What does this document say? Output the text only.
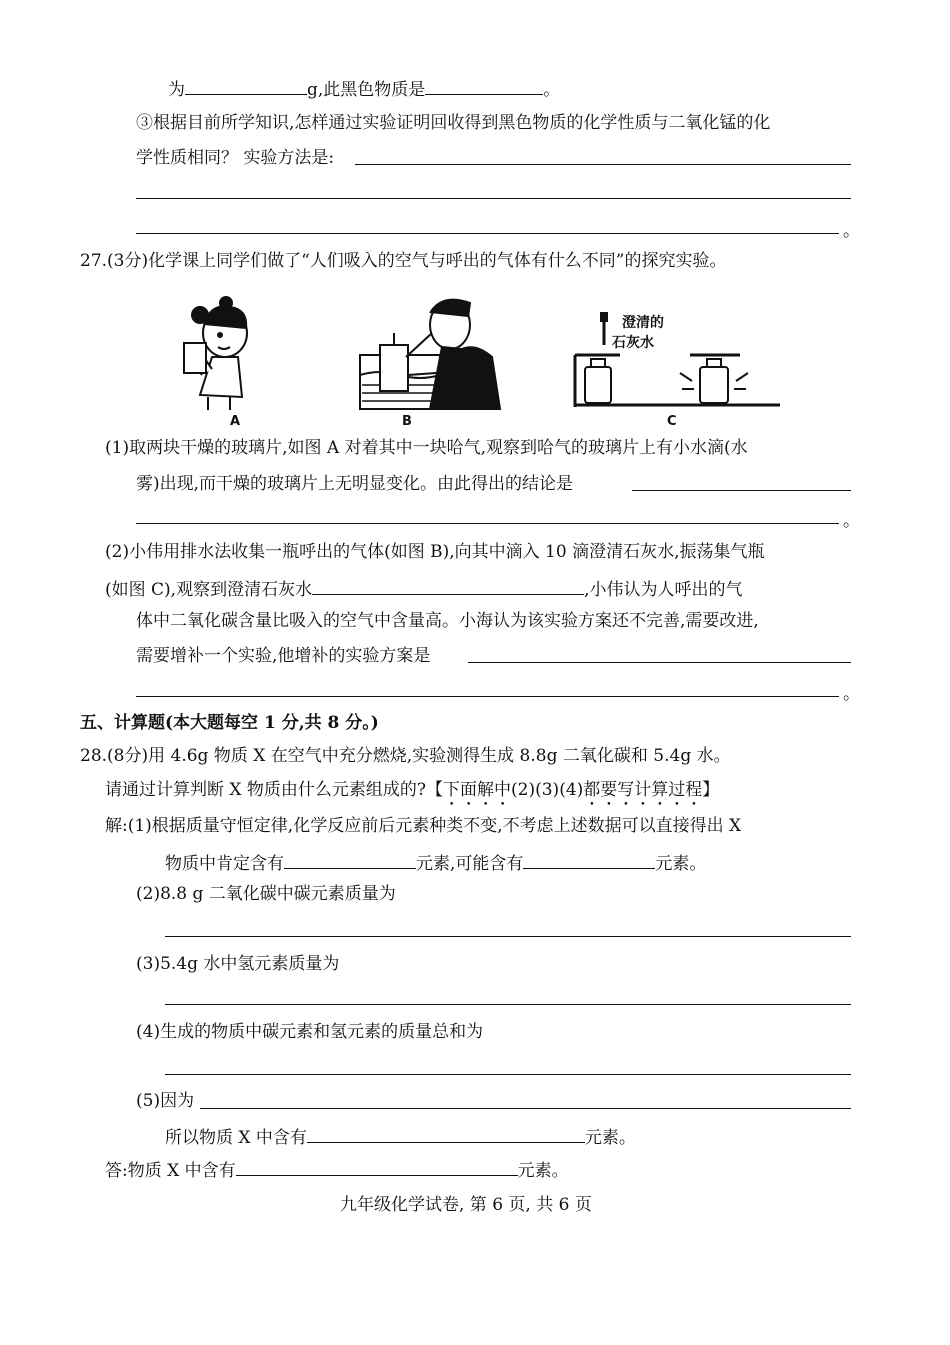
为	g,此黑色物质是	。
③根据目前所学知识,怎样通过实验证明回收得到黑色物质的化学性质与二氧化锰的化
学性质相同？ 实验方法是:
。
27.(3分)化学课上同学们做了“人们吸入的空气与呼出的气体有什么不同”的探究实验。
澄清的
石灰水
A	B	C
(1)取两块干燥的玻璃片,如图 A 对着其中一块哈气,观察到哈气的玻璃片上有小水滴(水
雾)出现,而干燥的玻璃片上无明显变化。由此得出的结论是
。
(2)小伟用排水法收集一瓶呼出的气体(如图 B),向其中滴入 10 滴澄清石灰水,振荡集气瓶
(如图 C),观察到澄清石灰水	,小伟认为人呼出的气
体中二氧化碳含量比吸入的空气中含量高。小海认为该实验方案还不完善,需要改进,
需要增补一个实验,他增补的实验方案是
。
五、计算题(本大题每空 1 分,共 8 分。)
28.(8分)用 4.6g 物质 X 在空气中充分燃烧,实验测得生成 8.8g 二氧化碳和 5.4g 水。
请通过计算判断 X 物质由什么元素组成的?【下面解中(2)(3)(4)都要写计算过程】
解:(1)根据质量守恒定律,化学反应前后元素种类不变,不考虑上述数据可以直接得出 X
物质中肯定含有	元素,可能含有	元素。
(2)8.8 g 二氧化碳中碳元素质量为
(3)5.4g 水中氢元素质量为
(4)生成的物质中碳元素和氢元素的质量总和为
(5)因为
所以物质 X 中含有	元素。
答:物质 X 中含有	元素。
九年级化学试卷, 第 6 页, 共 6 页
